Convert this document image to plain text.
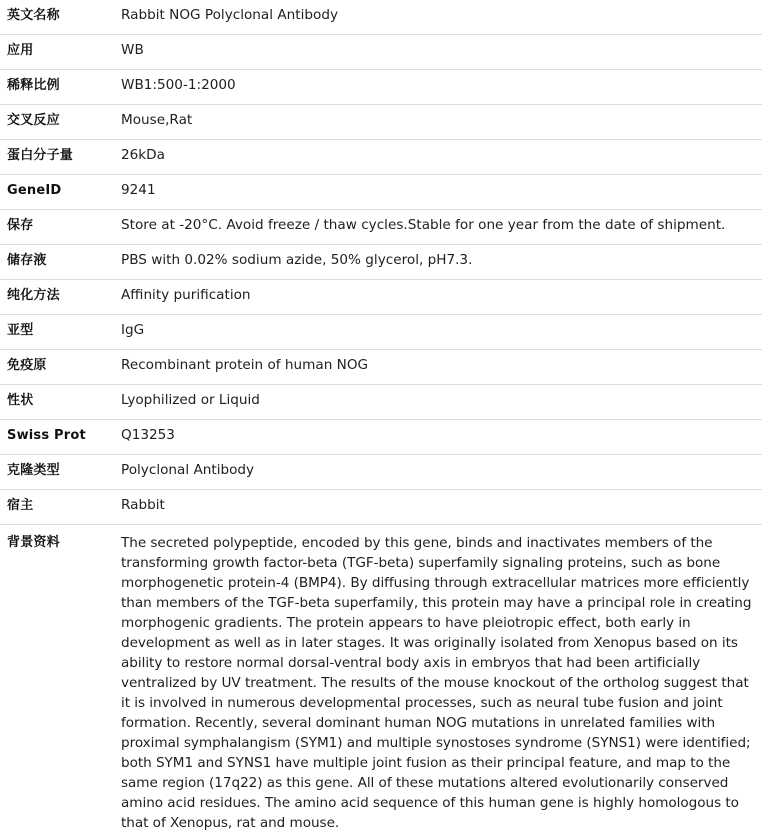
英文名称	Rabbit NOG Polyclonal Antibody
应用	WB
稀释比例	WB1:500-1:2000
交叉反应	Mouse,Rat
蛋白分子量	26kDa
GeneID	9241
保存	Store at -20°C. Avoid freeze / thaw cycles.Stable for one year from the date of shipment.
储存液	PBS with 0.02% sodium azide, 50% glycerol, pH7.3.
纯化方法	Affinity purification
亚型	IgG
免疫原	Recombinant protein of human NOG
性状	Lyophilized or Liquid
Swiss Prot	Q13253
克隆类型	Polyclonal Antibody
宿主	Rabbit
背景资料	The secreted polypeptide, encoded by this gene, binds and inactivates members of the transforming growth factor-beta (TGF-beta) superfamily signaling proteins, such as bone morphogenetic protein-4 (BMP4). By diffusing through extracellular matrices more efficiently than members of the TGF-beta superfamily, this protein may have a principal role in creating morphogenic gradients. The protein appears to have pleiotropic effect, both early in development as well as in later stages. It was originally isolated from Xenopus based on its ability to restore normal dorsal-ventral body axis in embryos that had been artificially ventralized by UV treatment. The results of the mouse knockout of the ortholog suggest that it is involved in numerous developmental processes, such as neural tube fusion and joint formation. Recently, several dominant human NOG mutations in unrelated families with proximal symphalangism (SYM1) and multiple synostoses syndrome (SYNS1) were identified; both SYM1 and SYNS1 have multiple joint fusion as their principal feature, and map to the same region (17q22) as this gene. All of these mutations altered evolutionarily conserved amino acid residues. The amino acid sequence of this human gene is highly homologous to that of Xenopus, rat and mouse.
